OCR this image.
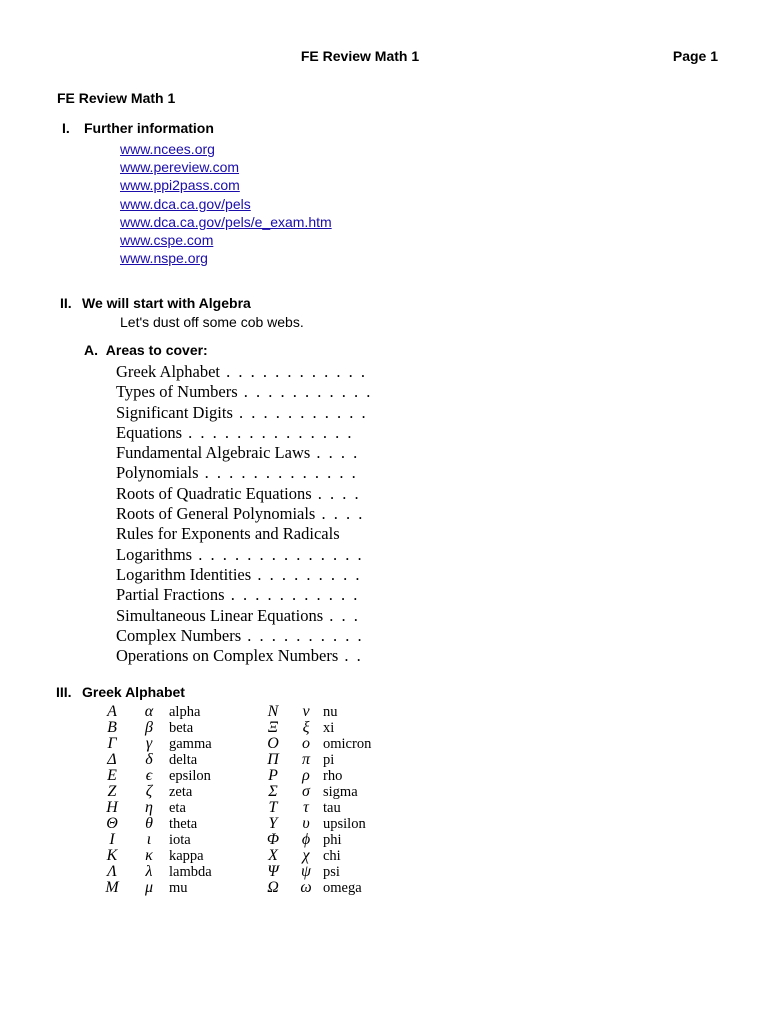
FE Review Math 1	Page 1
FE Review Math 1
I. Further information
www.ncees.org
www.pereview.com
www.ppi2pass.com
www.dca.ca.gov/pels
www.dca.ca.gov/pels/e_exam.htm
www.cspe.com
www.nspe.org
II. We will start with Algebra
Let's dust off some cob webs.
A. Areas to cover:
Greek Alphabet . . . . . . . . . . . .
Types of Numbers . . . . . . . . . . .
Significant Digits . . . . . . . . . . .
Equations . . . . . . . . . . . . . .
Fundamental Algebraic Laws . . . .
Polynomials . . . . . . . . . . . . .
Roots of Quadratic Equations . . . .
Roots of General Polynomials . . . .
Rules for Exponents and Radicals
Logarithms . . . . . . . . . . . . . .
Logarithm Identities . . . . . . . . .
Partial Fractions . . . . . . . . . . .
Simultaneous Linear Equations . . .
Complex Numbers . . . . . . . . . .
Operations on Complex Numbers . .
III. Greek Alphabet
A	α	alpha	N	ν	nu
B	β	beta	Ξ	ξ	xi
Γ	γ	gamma	O	o	omicron
Δ	δ	delta	Π	π	pi
E	ϵ	epsilon	P	ρ	rho
Z	ζ	zeta	Σ	σ	sigma
H	η	eta	T	τ	tau
Θ	θ	theta	Υ	υ	upsilon
I	ι	iota	Φ	ϕ	phi
K	κ	kappa	X	χ	chi
Λ	λ	lambda	Ψ	ψ	psi
M	μ	mu	Ω	ω	omega
